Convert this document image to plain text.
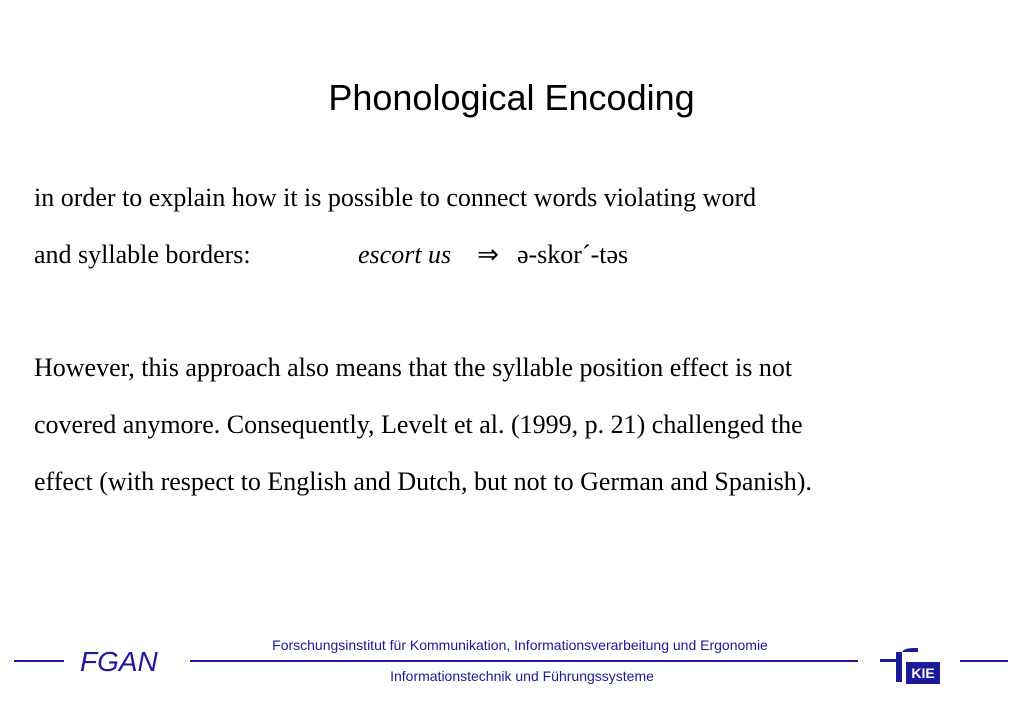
Phonological Encoding
in order to explain how it is possible to connect words violating word
and syllable borders:	escort us ⇒ ə-skor´-təs
However, this approach also means that the syllable position effect is not
covered anymore. Consequently, Levelt et al. (1999, p. 21) challenged the
effect (with respect to English and Dutch, but not to German and Spanish).
FGAN
Forschungsinstitut für Kommunikation, Informationsverarbeitung und Ergonomie
Informationstechnik und Führungssysteme	KIE
